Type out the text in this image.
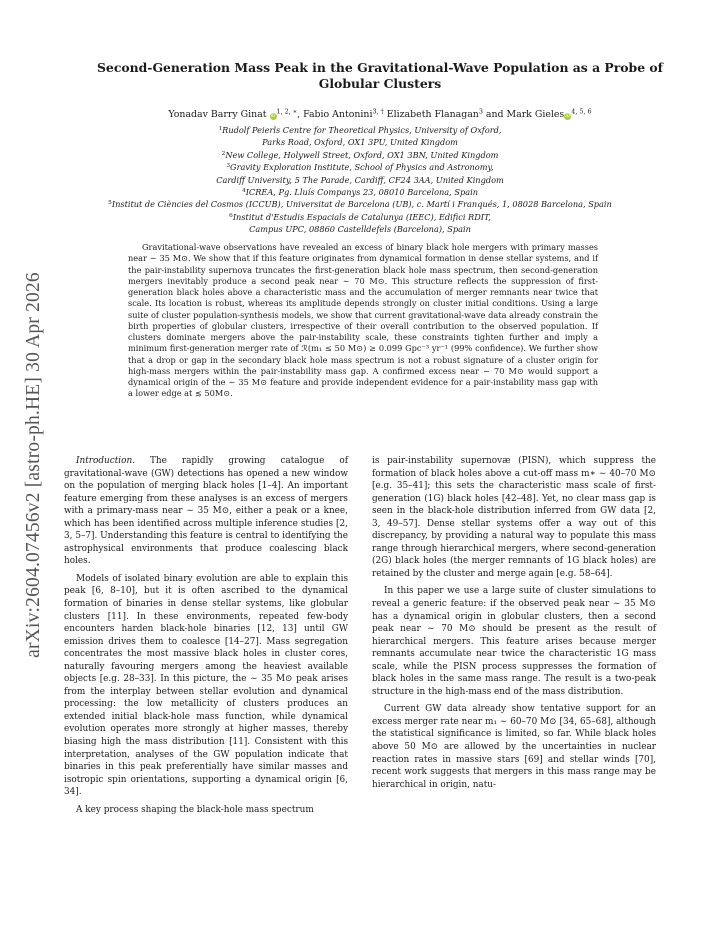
arXiv:2604.07456v2 [astro-ph.HE] 30 Apr 2026
Second-Generation Mass Peak in the Gravitational-Wave Population as a Probe of Globular Clusters
Yonadav Barry Ginat $iD^{1, 2, ∗}$, Fabio Antonini$^{3, \dagger}$ Elizabeth Flanagan$^3$ and Mark GielesiD$^{4, 5, 6}$
$^1$Rudolf Peierls Centre for Theoretical Physics, University of Oxford,
Parks Road, Oxford, OX1 3PU, United Kingdom
$^2$New College, Holywell Street, Oxford, OX1 3BN, United Kingdom
$^3$Gravity Exploration Institute, School of Physics and Astronomy,
Cardiff University, 5 The Parade, Cardiff, CF24 3AA, United Kingdom
$^4$ICREA, Pg. Lluís Companys 23, 08010 Barcelona, Spain
$^5$Institut de Ciències del Cosmos (ICCUB), Universitat de Barcelona (UB), c. Martí i Franqués, 1, 08028 Barcelona, Spain
$^6$Institut d'Estudis Espacials de Catalunya (IEEC), Edifici RDIT,
Campus UPC, 08860 Castelldefels (Barcelona), Spain

Gravitational-wave observations have revealed an excess of binary black hole mergers with primary masses near ∼ 35 M⊙. We show that if this feature originates from dynamical formation in dense stellar systems, and if the pair-instability supernova truncates the first-generation black hole mass spectrum, then second-generation mergers inevitably produce a second peak near ∼ 70 M⊙. This structure reflects the suppression of first-generation black holes above a characteristic mass and the accumulation of merger remnants near twice that scale. Its location is robust, whereas its amplitude depends strongly on cluster initial conditions. Using a large suite of cluster population-synthesis models, we show that current gravitational-wave data already constrain the birth properties of globular clusters, irrespective of their overall contribution to the observed population. If clusters dominate mergers above the pair-instability scale, these constraints tighten further and imply a minimum first-generation merger rate of ℛ(m₁ ≤ 50 M⊙) ≥ 0.099 Gpc⁻³ yr⁻¹ (99% confidence). We further show that a drop or gap in the secondary black hole mass spectrum is not a robust signature of a cluster origin for high-mass mergers within the pair-instability mass gap. A confirmed excess near ∼ 70 M⊙ would support a dynamical origin of the ∼ 35 M⊙ feature and provide independent evidence for a pair-instability mass gap with a lower edge at ≲ 50M⊙.

Introduction. The rapidly growing catalogue of gravitational-wave (GW) detections has opened a new window on the population of merging black holes [1–4]. An important feature emerging from these analyses is an excess of mergers with a primary-mass near ∼ 35 M⊙, either a peak or a knee, which has been identified across multiple inference studies [2, 3, 5–7]. Understanding this feature is central to identifying the astrophysical environments that produce coalescing black holes.

Models of isolated binary evolution are able to explain this peak [6, 8–10], but it is often ascribed to the dynamical formation of binaries in dense stellar systems, like globular clusters [11]. In these environments, repeated few-body encounters harden black-hole binaries [12, 13] until GW emission drives them to coalesce [14–27]. Mass segregation concentrates the most massive black holes in cluster cores, naturally favouring mergers among the heaviest available objects [e.g. 28–33]. In this picture, the ∼ 35 M⊙ peak arises from the interplay between stellar evolution and dynamical processing: the low metallicity of clusters produces an extended initial black-hole mass function, while dynamical evolution operates more strongly at higher masses, thereby biasing high the mass distribution [11]. Consistent with this interpretation, analyses of the GW population indicate that binaries in this peak preferentially have similar masses and isotropic spin orientations, supporting a dynamical origin [6, 34].

A key process shaping the black-hole mass spectrum

is pair-instability supernovæ (PISN), which suppress the formation of black holes above a cut-off mass m∗ ∼ 40–70 M⊙ [e.g. 35–41]; this sets the characteristic mass scale of first-generation (1G) black holes [42–48]. Yet, no clear mass gap is seen in the black-hole distribution inferred from GW data [2, 3, 49–57]. Dense stellar systems offer a way out of this discrepancy, by providing a natural way to populate this mass range through hierarchical mergers, where second-generation (2G) black holes (the merger remnants of 1G black holes) are retained by the cluster and merge again [e.g. 58–64].

In this paper we use a large suite of cluster simulations to reveal a generic feature: if the observed peak near ∼ 35 M⊙ has a dynamical origin in globular clusters, then a second peak near ∼ 70 M⊙ should be present as the result of hierarchical mergers. This feature arises because merger remnants accumulate near twice the characteristic 1G mass scale, while the PISN process suppresses the formation of black holes in the same mass range. The result is a two-peak structure in the high-mass end of the mass distribution.

Current GW data already show tentative support for an excess merger rate near m₁ ∼ 60–70 M⊙ [34, 65–68], although the statistical significance is limited, so far. While black holes above 50 M⊙ are allowed by the uncertainties in nuclear reaction rates in massive stars [69] and stellar winds [70], recent work suggests that mergers in this mass range may be hierarchical in origin, natu-
